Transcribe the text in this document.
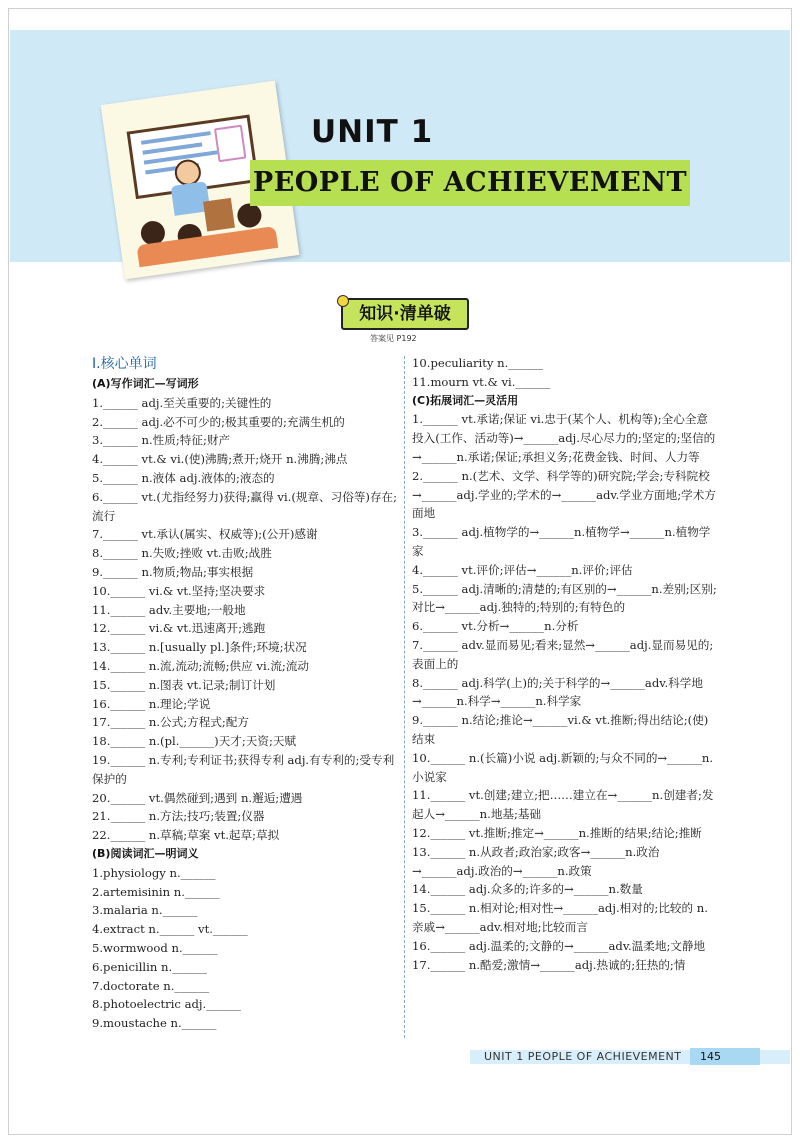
UNIT 1
PEOPLE OF ACHIEVEMENT
知识·清单破
答案见 P192
Ⅰ.核心单词
(A)写作词汇—写词形
1.______ adj.至关重要的;关键性的
2.______ adj.必不可少的;极其重要的;充满生机的
3.______ n.性质;特征;财产
4.______ vt.& vi.(使)沸腾;煮开;烧开 n.沸腾;沸点
5.______ n.液体 adj.液体的;液态的
6.______ vt.(尤指经努力)获得;赢得 vi.(规章、习俗等)存在;流行
7.______ vt.承认(属实、权威等);(公开)感谢
8.______ n.失败;挫败 vt.击败;战胜
9.______ n.物质;物品;事实根据
10.______ vi.& vt.坚持;坚决要求
11.______ adv.主要地;一般地
12.______ vi.& vt.迅速离开;逃跑
13.______ n.[usually pl.]条件;环境;状况
14.______ n.流,流动;流畅;供应 vi.流;流动
15.______ n.图表 vt.记录;制订计划
16.______ n.理论;学说
17.______ n.公式;方程式;配方
18.______ n.(pl.______)天才;天资;天赋
19.______ n.专利;专利证书;获得专利 adj.有专利的;受专利保护的
20.______ vt.偶然碰到;遇到 n.邂逅;遭遇
21.______ n.方法;技巧;装置;仪器
22.______ n.草稿;草案 vt.起草;草拟
(B)阅读词汇—明词义
1.physiology n.______
2.artemisinin n.______
3.malaria n.______
4.extract n.______ vt.______
5.wormwood n.______
6.penicillin n.______
7.doctorate n.______
8.photoelectric adj.______
9.moustache n.______
10.peculiarity n.______
11.mourn vt.& vi.______
(C)拓展词汇—灵活用
1.______ vt.承诺;保证 vi.忠于(某个人、机构等);全心全意投入(工作、活动等)→______adj.尽心尽力的;坚定的;坚信的→______n.承诺;保证;承担义务;花费金钱、时间、人力等
2.______ n.(艺术、文学、科学等的)研究院;学会;专科院校→______adj.学业的;学术的→______adv.学业方面地;学术方面地
3.______ adj.植物学的→______n.植物学→______n.植物学家
4.______ vt.评价;评估→______n.评价;评估
5.______ adj.清晰的;清楚的;有区别的→______n.差别;区别;对比→______adj.独特的;特别的;有特色的
6.______ vt.分析→______n.分析
7.______ adv.显而易见;看来;显然→______adj.显而易见的;表面上的
8.______ adj.科学(上)的;关于科学的→______adv.科学地→______n.科学→______n.科学家
9.______ n.结论;推论→______vi.& vt.推断;得出结论;(使)结束
10.______ n.(长篇)小说 adj.新颖的;与众不同的→______n.小说家
11.______ vt.创建;建立;把……建立在→______n.创建者;发起人→______n.地基;基础
12.______ vt.推断;推定→______n.推断的结果;结论;推断
13.______ n.从政者;政治家;政客→______n.政治→______adj.政治的→______n.政策
14.______ adj.众多的;许多的→______n.数量
15.______ n.相对论;相对性→______adj.相对的;比较的 n.亲戚→______adv.相对地;比较而言
16.______ adj.温柔的;文静的→______adv.温柔地;文静地
17.______ n.酷爱;激情→______adj.热诚的;狂热的;情
UNIT 1 PEOPLE OF ACHIEVEMENT	145
